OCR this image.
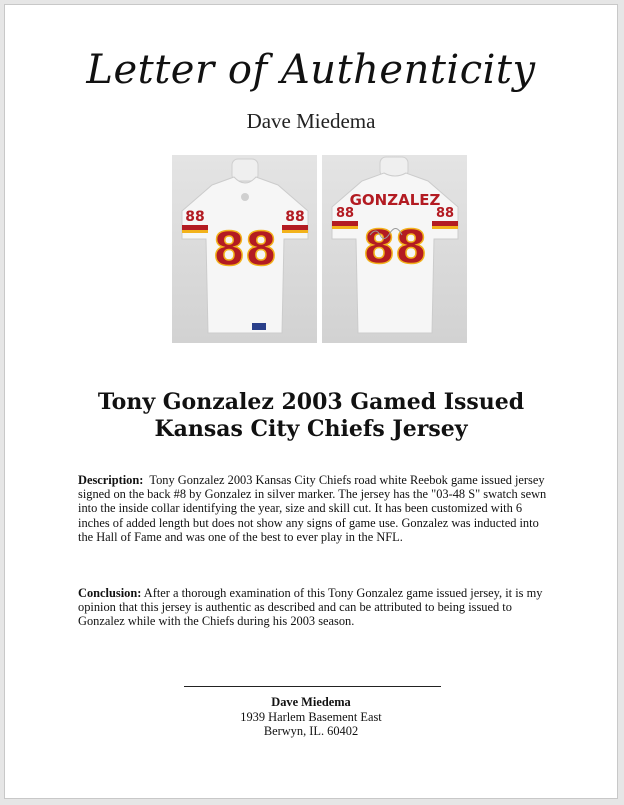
Letter of Authenticity
Dave Miedema
88	88
88
88	88
GONZALEZ
88
Tony Gonzalez 2003 Gamed Issued
Kansas City Chiefs Jersey
Description: Tony Gonzalez 2003 Kansas City Chiefs road white Reebok game issued jersey signed on the back #8 by Gonzalez in silver marker. The jersey has the "03-48 S" swatch sewn into the inside collar identifying the year, size and skill cut. It has been customized with 6 inches of added length but does not show any signs of game use. Gonzalez was inducted into the Hall of Fame and was one of the best to ever play in the NFL.
Conclusion: After a thorough examination of this Tony Gonzalez game issued jersey, it is my opinion that this jersey is authentic as described and can be attributed to being issued to Gonzalez while with the Chiefs during his 2003 season.
Dave Miedema
1939 Harlem Basement East
Berwyn, IL. 60402
